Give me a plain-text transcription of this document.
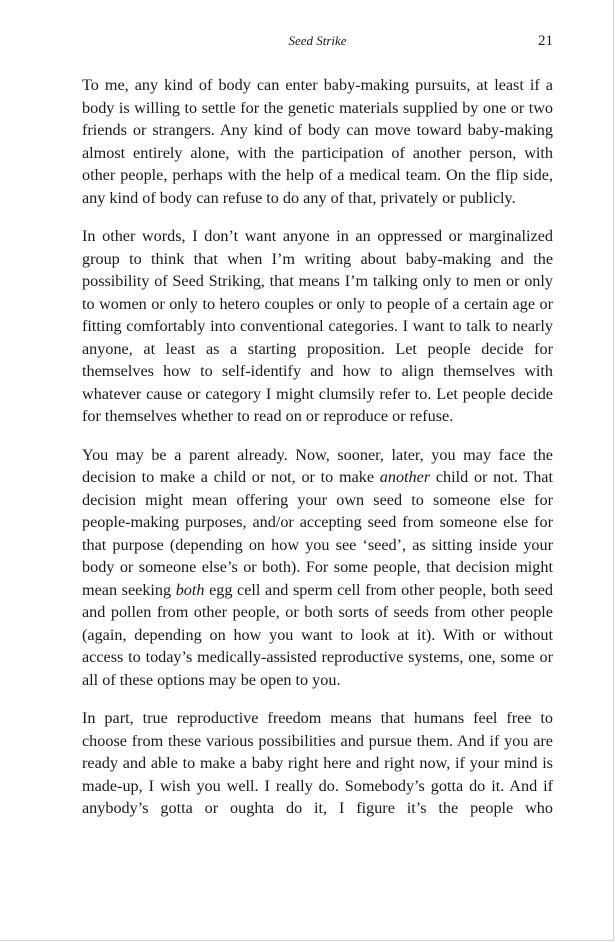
Seed Strike	21

To me, any kind of body can enter baby-making pursuits, at least if a body is willing to settle for the genetic materials supplied by one or two friends or strangers. Any kind of body can move toward baby-making almost entirely alone, with the participation of another person, with other people, perhaps with the help of a medical team. On the flip side, any kind of body can refuse to do any of that, privately or publicly.

In other words, I don’t want anyone in an oppressed or marginalized group to think that when I’m writing about baby-making and the possibility of Seed Striking, that means I’m talking only to men or only to women or only to hetero couples or only to people of a certain age or fitting comfortably into conventional categories. I want to talk to nearly anyone, at least as a starting proposition. Let people decide for themselves how to self-identify and how to align themselves with whatever cause or category I might clumsily refer to. Let people decide for themselves whether to read on or reproduce or refuse.

You may be a parent already. Now, sooner, later, you may face the decision to make a child or not, or to make another child or not. That decision might mean offering your own seed to someone else for people-making purposes, and/or accepting seed from someone else for that purpose (depending on how you see ‘seed’, as sitting inside your body or someone else’s or both). For some people, that decision might mean seeking both egg cell and sperm cell from other people, both seed and pollen from other people, or both sorts of seeds from other people (again, depending on how you want to look at it). With or without access to today’s medically-assisted reproductive systems, one, some or all of these options may be open to you.

In part, true reproductive freedom means that humans feel free to choose from these various possibilities and pursue them. And if you are ready and able to make a baby right here and right now, if your mind is made-up, I wish you well. I really do. Somebody’s gotta do it. And if anybody’s gotta or oughta do it, I figure it’s the people who
